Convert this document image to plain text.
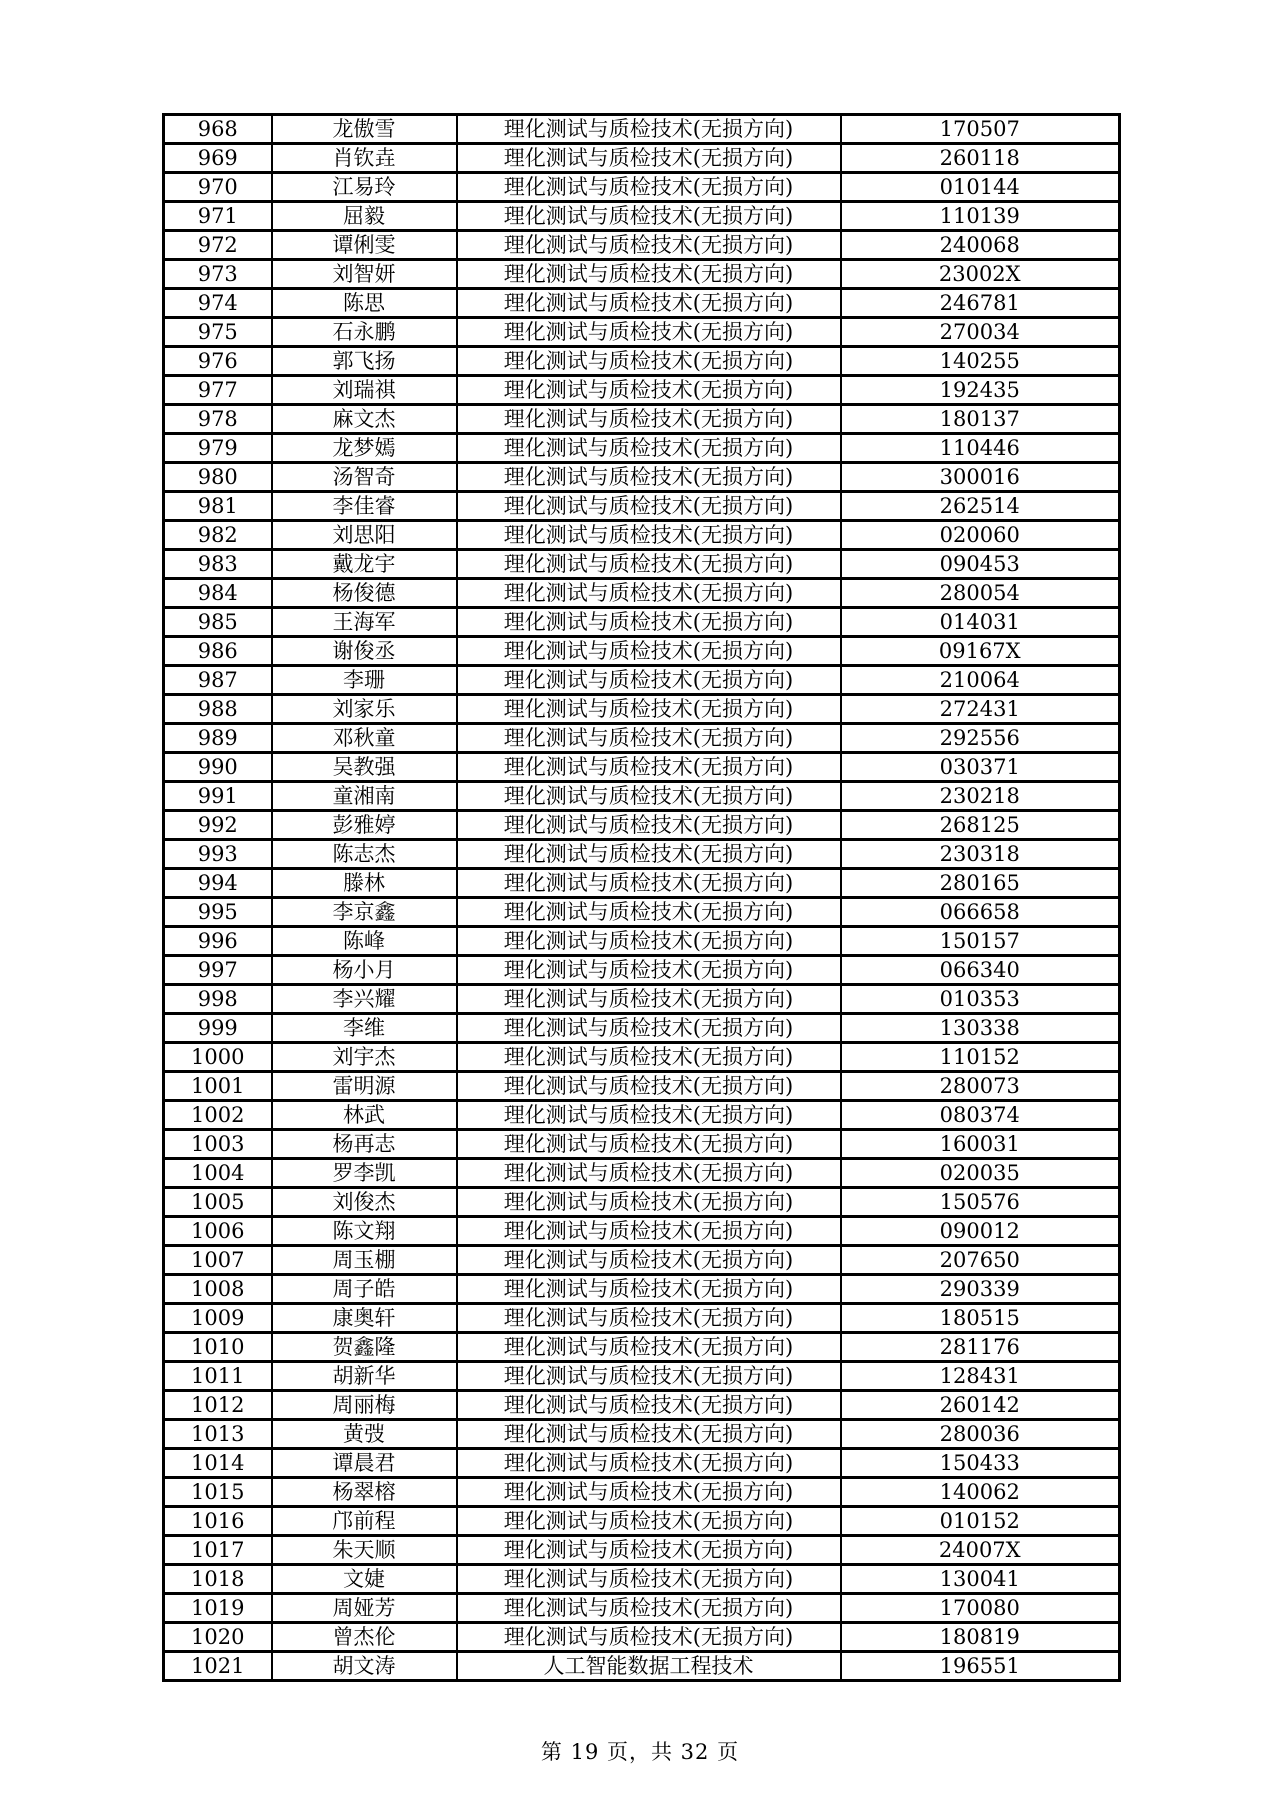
968	龙傲雪	理化测试与质检技术(无损方向)	170507
969	肖钦垚	理化测试与质检技术(无损方向)	260118
970	江易玲	理化测试与质检技术(无损方向)	010144
971	屈毅	理化测试与质检技术(无损方向)	110139
972	谭俐雯	理化测试与质检技术(无损方向)	240068
973	刘智妍	理化测试与质检技术(无损方向)	23002X
974	陈思	理化测试与质检技术(无损方向)	246781
975	石永鹏	理化测试与质检技术(无损方向)	270034
976	郭飞扬	理化测试与质检技术(无损方向)	140255
977	刘瑞祺	理化测试与质检技术(无损方向)	192435
978	麻文杰	理化测试与质检技术(无损方向)	180137
979	龙梦嫣	理化测试与质检技术(无损方向)	110446
980	汤智奇	理化测试与质检技术(无损方向)	300016
981	李佳睿	理化测试与质检技术(无损方向)	262514
982	刘思阳	理化测试与质检技术(无损方向)	020060
983	戴龙宇	理化测试与质检技术(无损方向)	090453
984	杨俊德	理化测试与质检技术(无损方向)	280054
985	王海军	理化测试与质检技术(无损方向)	014031
986	谢俊丞	理化测试与质检技术(无损方向)	09167X
987	李珊	理化测试与质检技术(无损方向)	210064
988	刘家乐	理化测试与质检技术(无损方向)	272431
989	邓秋童	理化测试与质检技术(无损方向)	292556
990	吴教强	理化测试与质检技术(无损方向)	030371
991	童湘南	理化测试与质检技术(无损方向)	230218
992	彭雅婷	理化测试与质检技术(无损方向)	268125
993	陈志杰	理化测试与质检技术(无损方向)	230318
994	滕林	理化测试与质检技术(无损方向)	280165
995	李京鑫	理化测试与质检技术(无损方向)	066658
996	陈峰	理化测试与质检技术(无损方向)	150157
997	杨小月	理化测试与质检技术(无损方向)	066340
998	李兴耀	理化测试与质检技术(无损方向)	010353
999	李维	理化测试与质检技术(无损方向)	130338
1000	刘宇杰	理化测试与质检技术(无损方向)	110152
1001	雷明源	理化测试与质检技术(无损方向)	280073
1002	林武	理化测试与质检技术(无损方向)	080374
1003	杨再志	理化测试与质检技术(无损方向)	160031
1004	罗李凯	理化测试与质检技术(无损方向)	020035
1005	刘俊杰	理化测试与质检技术(无损方向)	150576
1006	陈文翔	理化测试与质检技术(无损方向)	090012
1007	周玉棚	理化测试与质检技术(无损方向)	207650
1008	周子皓	理化测试与质检技术(无损方向)	290339
1009	康奥轩	理化测试与质检技术(无损方向)	180515
1010	贺鑫隆	理化测试与质检技术(无损方向)	281176
1011	胡新华	理化测试与质检技术(无损方向)	128431
1012	周丽梅	理化测试与质检技术(无损方向)	260142
1013	黄弢	理化测试与质检技术(无损方向)	280036
1014	谭晨君	理化测试与质检技术(无损方向)	150433
1015	杨翠榕	理化测试与质检技术(无损方向)	140062
1016	邝前程	理化测试与质检技术(无损方向)	010152
1017	朱天顺	理化测试与质检技术(无损方向)	24007X
1018	文婕	理化测试与质检技术(无损方向)	130041
1019	周娅芳	理化测试与质检技术(无损方向)	170080
1020	曾杰伦	理化测试与质检技术(无损方向)	180819
1021	胡文涛	人工智能数据工程技术	196551
第 19 页，共 32 页
